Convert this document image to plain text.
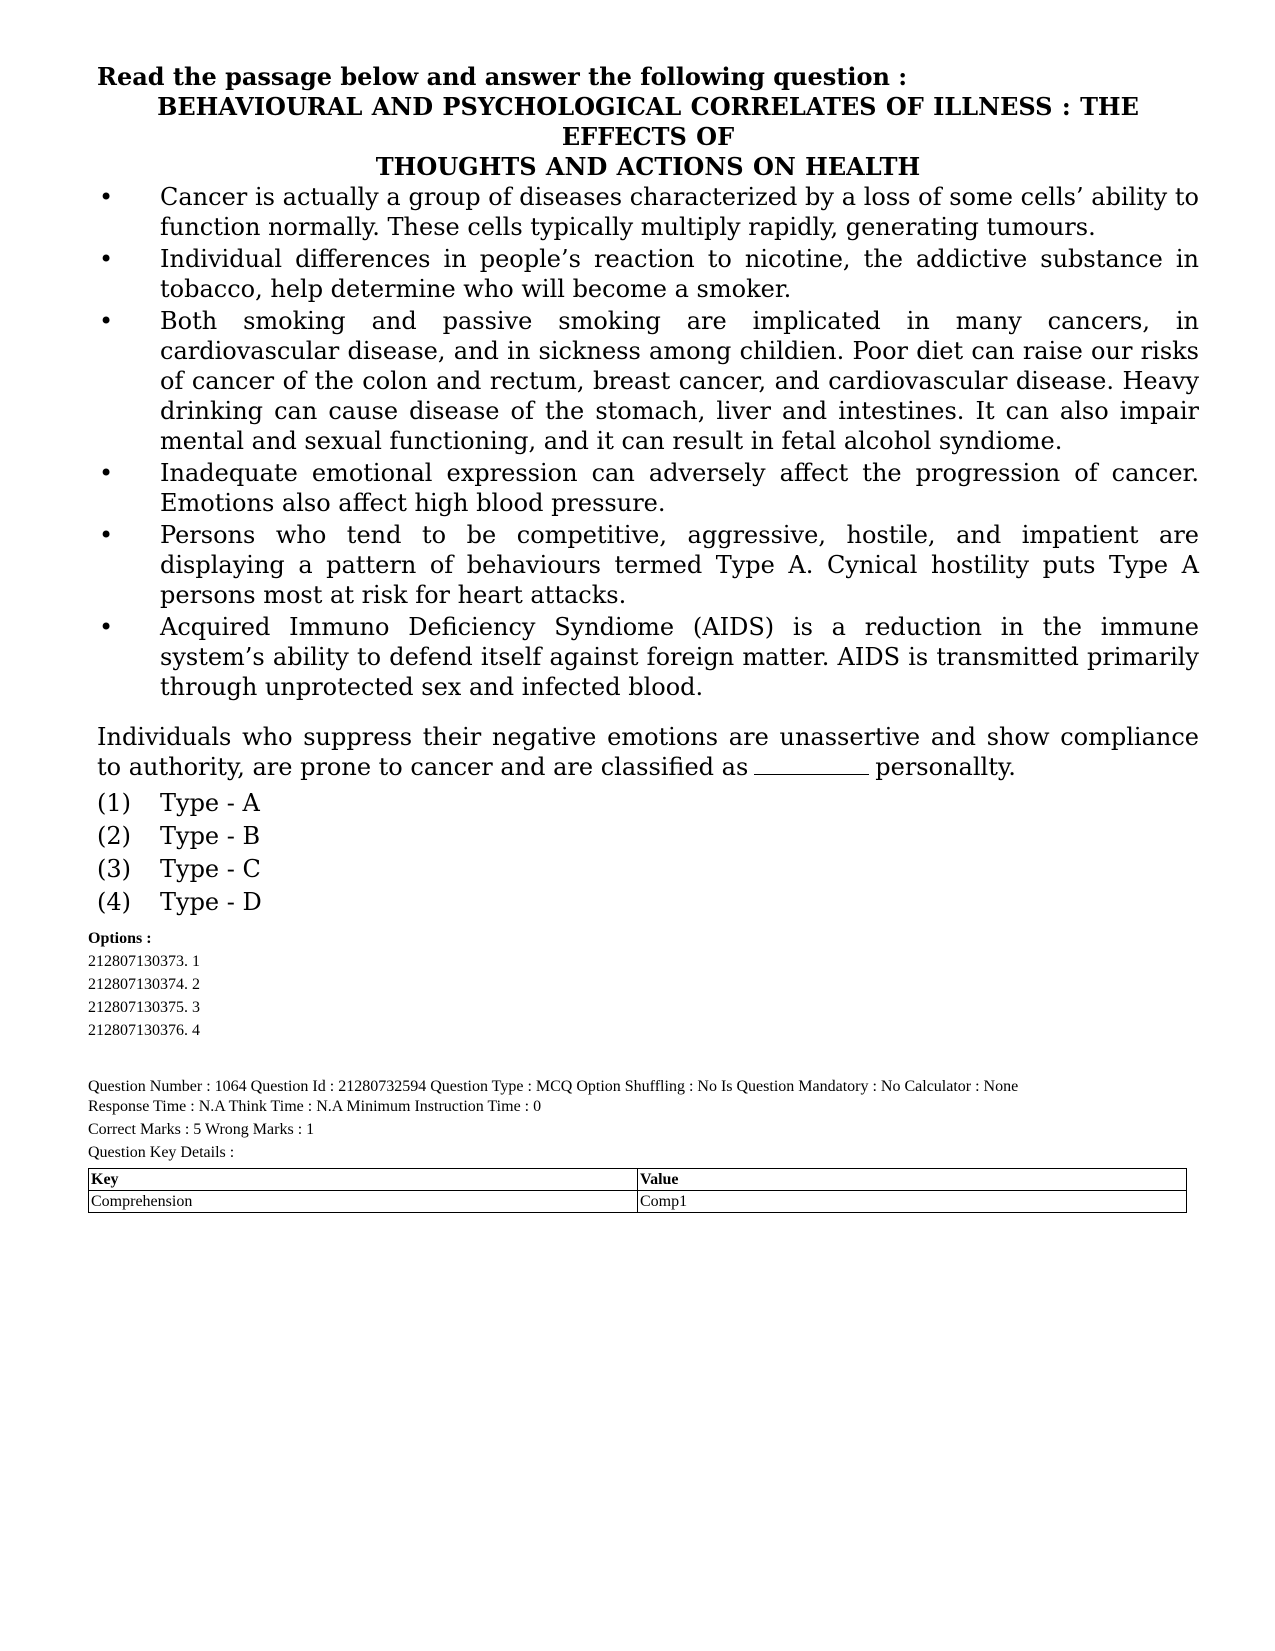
Read the passage below and answer the following question :

BEHAVIOURAL AND PSYCHOLOGICAL CORRELATES OF ILLNESS : THE EFFECTS OF

THOUGHTS AND ACTIONS ON HEALTH

• Cancer is actually a group of diseases characterized by a loss of some cells’ ability to function normally. These cells typically multiply rapidly, generating tumours.
• Individual differences in people’s reaction to nicotine, the addictive substance in tobacco, help determine who will become a smoker.
• Both smoking and passive smoking are implicated in many cancers, in cardiovascular disease, and in sickness among childien. Poor diet can raise our risks of cancer of the colon and rectum, breast cancer, and cardiovascular disease. Heavy drinking can cause disease of the stomach, liver and intestines. It can also impair mental and sexual functioning, and it can result in fetal alcohol syndiome.
• Inadequate emotional expression can adversely affect the progression of cancer. Emotions also affect high blood pressure.
• Persons who tend to be competitive, aggressive, hostile, and impatient are displaying a pattern of behaviours termed Type A. Cynical hostility puts Type A persons most at risk for heart attacks.
• Acquired Immuno Deficiency Syndiome (AIDS) is a reduction in the immune system’s ability to defend itself against foreign matter. AIDS is transmitted primarily through unprotected sex and infected blood.

Individuals who suppress their negative emotions are unassertive and show compliance to authority, are prone to cancer and are classified as	personallty.

(1)	Type - A
(2)	Type - B
(3)	Type - C
(4)	Type - D
Options :
212807130373. 1
212807130374. 2
212807130375. 3
212807130376. 4
Question Number : 1064 Question Id : 21280732594 Question Type : MCQ Option Shuffling : No Is Question Mandatory : No Calculator : None
Response Time : N.A Think Time : N.A Minimum Instruction Time : 0
Correct Marks : 5 Wrong Marks : 1
Question Key Details :
Key	Value
Comprehension	Comp1
